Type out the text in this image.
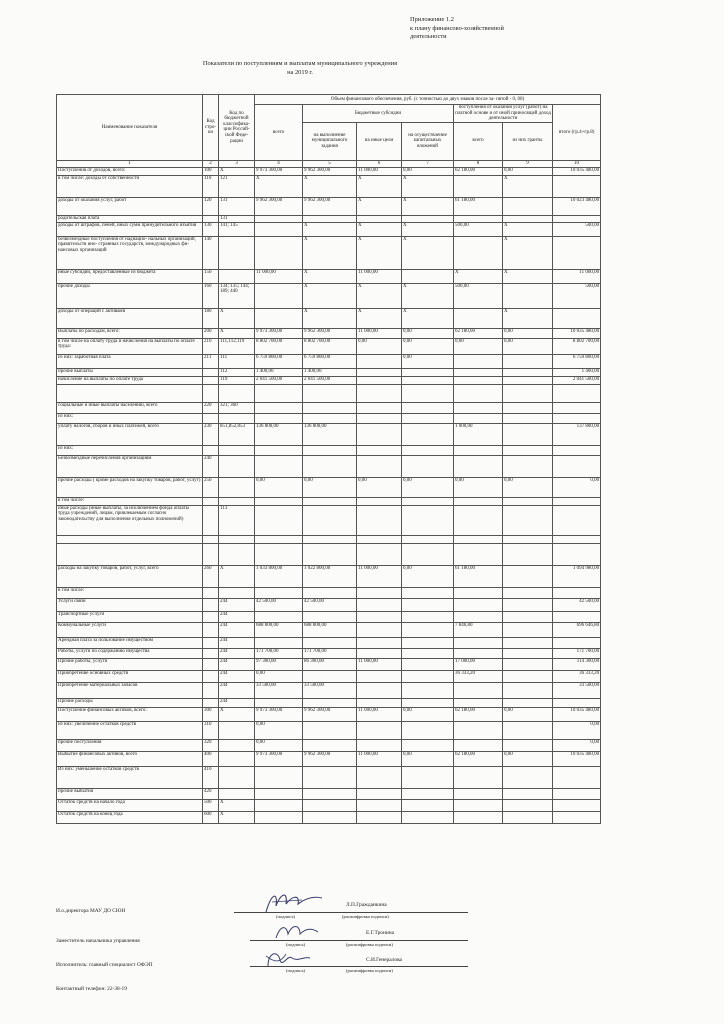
Приложение 1.2
к плану финансово-хозяйственной
деятельности
Показатели по поступлениям и выплатам муниципального учреждения
на 2019 г.
Наименование показателя	Код стро-ки	Код по бюджетной классифика-ции Россий-ской Феде-рации	Объем финансового обеспечения, руб. (с точностью до двух знаков после за- пятой - 0, 00)						
			всего	Бюджетные субсидии			поступления от оказания услуг (работ) на платной основе и от иной приносящей доход деятельности		итого (гр.4+гр.8)
				на выполнение муниципального задания	на иные цели	на осуществление капитальных вложений	всего	из них гранты	
1	2	3	4	5	6	7	8	9	10
Поступления от доходов, всего:	100	X	9 973 300,00	9 962 300,00	11 000,00	0,00	62 180,00	0,00	10 035 480,00
в том числе: доходы от собственности	110	121	X	X	X	X		X	
доходы от оказания услуг, работ	120	131	9 962 300,00	9 962 300,00	X	X	61 180,00		10 023 480,00
родительская плата		131							
доходы от штрафов, пеней, иных сумм принудительного изъятия	130	141; 145		X	X	X	500,00	X	500,00
безвозмездные поступления от наднацио- нальных организаций, правительств ино- странных государств, международных фи- нансовых организаций	140			X	X	X		X	
иные субсидии, предоставленные из бюджета	150		11 000,00	X	11 000,00		X	X	11 000,00
прочие доходы	160	134; 135; 144; 189; 440		X	X	X	500,00		500,00
доходы от операций с активами	180	X		X	X	X		X	
Выплаты по расходам, всего:	200	X	9 973 300,00	9 962 300,00	11 000,00	0,00	62 180,00	0,00	10 035 480,00
в том числе на оплату труда и начисления на выплаты по оплате труда:	210	111,112,119	8 802 700,00	8 802 700,00	0,00	0,00	0,00	0,00	8 802 700,00
из них: заработная плата	211	111	6 759 800,00	6 759 800,00		0,00			6 759 800,00
прочие выплаты		112	1 400,00	1 400,00					1 400,00
начисление на выплаты по оплате труда		119	2 041 500,00	2 041 500,00					2 041 500,00

социальные и иные выплаты населению, всего	220	321; 360							
из них:									
уплату налогов, сборов и иных платежей, всего	230	851,852,853	136 800,00	136 800,00			1 000,00		137 800,00
из них:									
Безвозмездные перечисления организациям	240								
прочие расходы ( кроме расходов на закупку товаров, работ, услуг)	250		0,00	0,00	0,00	0,00	0,00	0,00	0,00
в том числе:									
иные расходы (иные выплаты, за исключением фонда оплаты труда учреждений, лицам, привлекаемым согласно законодательству для выполнения отдельных полномочий)		113							

расходы на закупку товаров, работ, услуг, всего	260	X	1 033 800,00	1 022 800,00	11 000,00	0,00	61 180,00		1 094 980,00
в том числе:									
Услуги связи		244	42 500,00	42 500,00					42 500,00
Транспортные услуги		244							
Коммунальные услуги		244	688 800,00	688 800,00			7 846,80		696 646,80
Арендная плата за пользование имуществом		244							
Работы, услуги по содержанию имущества		244	171 700,00	171 700,00					171 700,00
Прочие работы, услуги		244	97 300,00	86 300,00	11 000,00		17 000,00		114 300,00
Приобретение основных средств		244	0,00				36 333,20		36 333,20
Приобретение материальных запасов		244	33 500,00	33 500,00					33 500,00
Прочие расходы		244							
Поступление финансовых активов, всего:	300	X	9 973 300,00	9 962 300,00	11 000,00	0,00	62 180,00	0,00	10 035 480,00
из них: увеличение остатков средств	310		0,00						0,00
прочие поступления	320		0,00						0,00
Выбытие финансовых активов, всего	400		9 973 300,00	9 962 300,00	11 000,00	0,00	62 180,00	0,00	10 035 480,00
Из них: уменьшение остатков средств	410								
прочие выбытия	420								
Остаток средств на начало года	500	X							
Остаток средств на конец года	600	X							
И.о.директора МАУ ДО СЮН
Л.П.Гражданкина
(подпись)	(расшифровка подписи)
Заместитель начальника управления
Е.Г.Тронина
(подпись)	(расшифровка подписи)
Исполнитель: главный специалист ОФЭП
С.И.Генералова
(подпись)	(расшифровка подписи)
Контактный телефон: 22-38-19
